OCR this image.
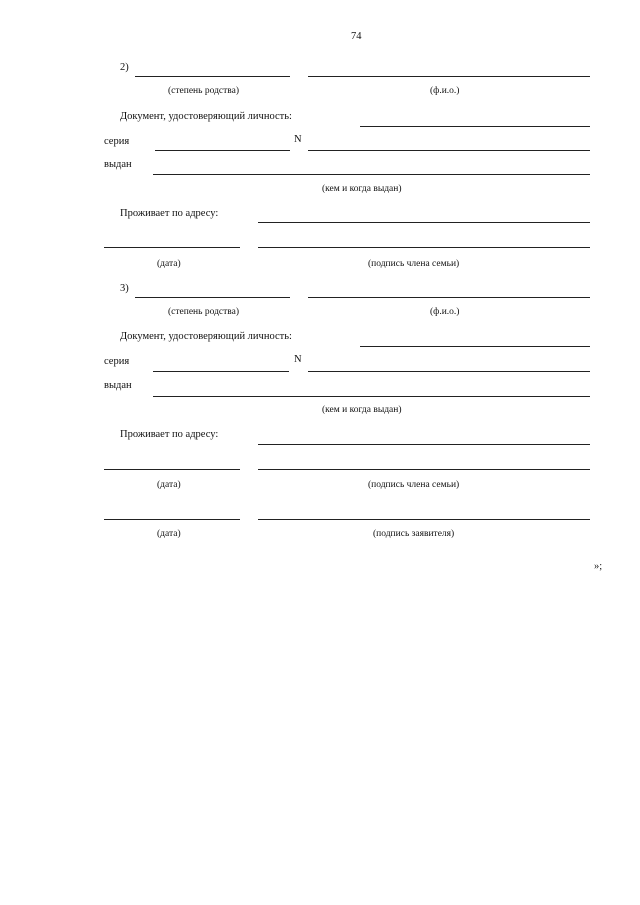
74
2)
(степень родства)	(ф.и.о.)
Документ, удостоверяющий личность:
серия	N
выдан
(кем и когда выдан)
Проживает по адресу:
(дата)	(подпись члена семьи)
3)
(степень родства)	(ф.и.о.)
Документ, удостоверяющий личность:
серия	N
выдан
(кем и когда выдан)
Проживает по адресу:
(дата)	(подпись члена семьи)
(дата)	(подпись заявителя)
»;
